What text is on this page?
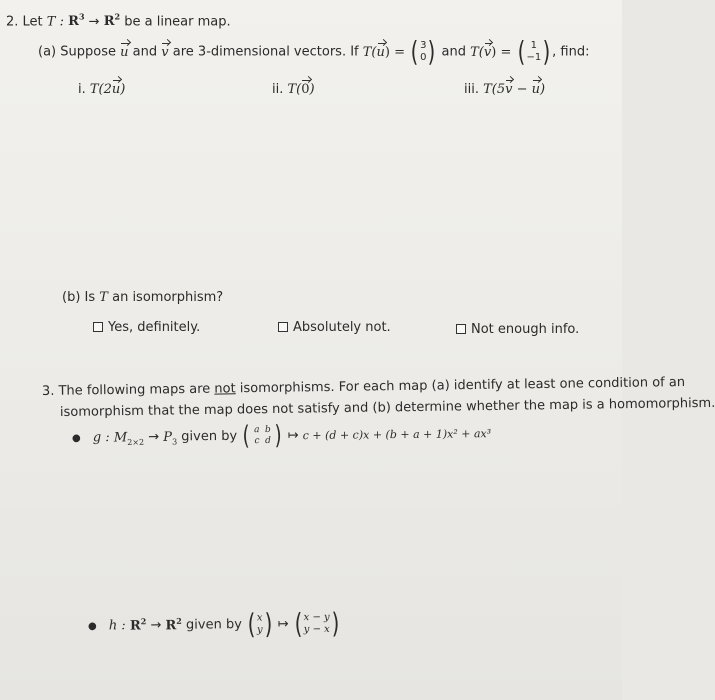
2. Let T : $R^3 \to R^2$ be a linear map.
(a) Suppose u and v are 3-dimensional vectors. If T(u) = ( 3
0 ) and T(v) = ( 1
−1 ) , find:
i. T(2u)	ii. T(0)	iii. T(5v − u)
(b) Is T an isomorphism?
Yes, definitely.	Absolutely not.	Not enough info.
3. The following maps are not isomorphisms. For each map (a) identify at least one condition of an
isomorphism that the map does not satisfy and (b) determine whether the map is a homomorphism.
● g : $M_{2\times 2} \to P_3$ given by ( a b
c d ) ↦ c + (d + c)x + (b + a + 1)x² + ax³
● h : $R^2 \to R^2$ given by ( x
y ) ↦ ( x − y
y − x )
